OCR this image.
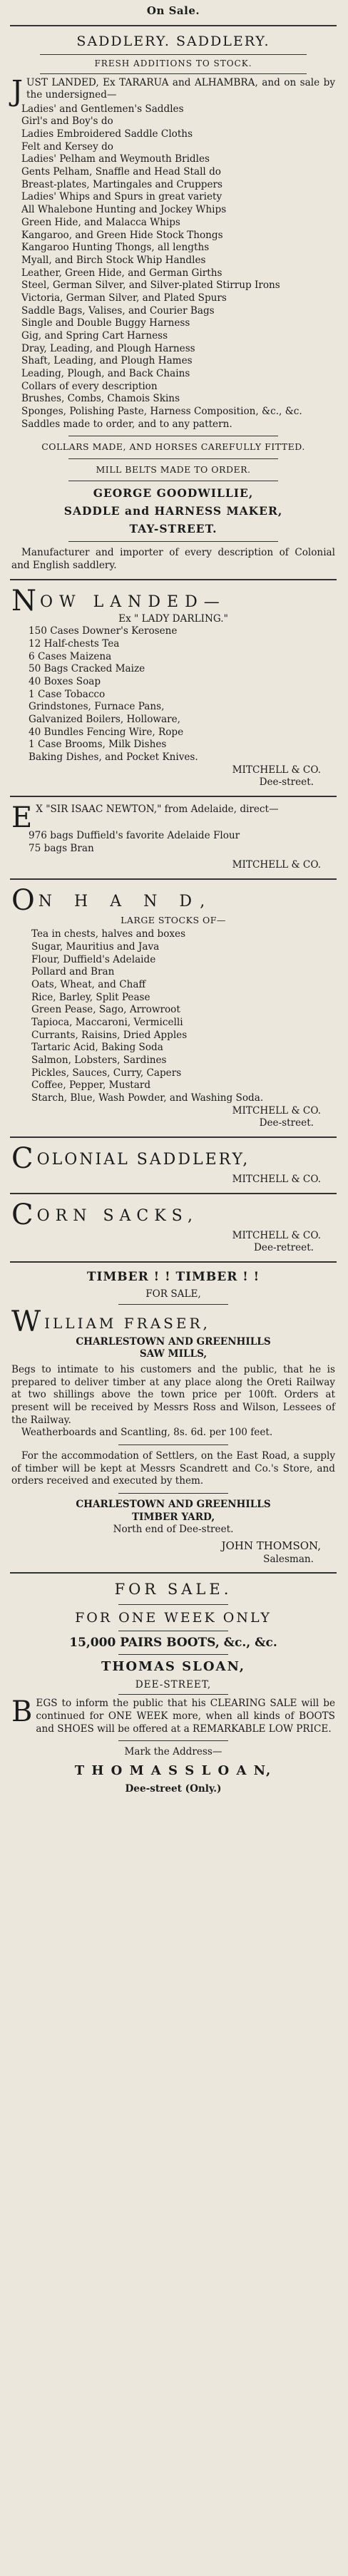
On Sale.
SADDLERY. SADDLERY.
FRESH ADDITIONS TO STOCK.
J UST LANDED, Ex TARARUA and ALHAMBRA, and on sale by the undersigned—

Ladies' and Gentlemen's Saddles
Girl's and Boy's do
Ladies Embroidered Saddle Cloths
Felt and Kersey do
Ladies' Pelham and Weymouth Bridles
Gents Pelham, Snaffle and Head Stall do
Breast-plates, Martingales and Cruppers
Ladies' Whips and Spurs in great variety
All Whalebone Hunting and Jockey Whips
Green Hide, and Malacca Whips
Kangaroo, and Green Hide Stock Thongs
Kangaroo Hunting Thongs, all lengths
Myall, and Birch Stock Whip Handles
Leather, Green Hide, and German Girths
Steel, German Silver, and Silver-plated Stirrup Irons
Victoria, German Silver, and Plated Spurs
Saddle Bags, Valises, and Courier Bags
Single and Double Buggy Harness
Gig, and Spring Cart Harness
Dray, Leading, and Plough Harness
Shaft, Leading, and Plough Hames
Leading, Plough, and Back Chains
Collars of every description
Brushes, Combs, Chamois Skins
Sponges, Polishing Paste, Harness Composition, &c., &c.

Saddles made to order, and to any pattern.

COLLARS MADE, AND HORSES CAREFULLY FITTED.
MILL BELTS MADE TO ORDER.
GEORGE GOODWILLIE,
SADDLE and HARNESS MAKER,
TAY-STREET.

Manufacturer and importer of every description of Colonial and English saddlery.

N OW LANDED—
Ex " LADY DARLING."
150 Cases Downer's Kerosene
12 Half-chests Tea
6 Cases Maizena
50 Bags Cracked Maize
40 Boxes Soap
1 Case Tobacco
Grindstones, Furnace Pans,
Galvanized Boilers, Holloware,
40 Bundles Fencing Wire, Rope
1 Case Brooms, Milk Dishes
Baking Dishes, and Pocket Knives.
MITCHELL & CO.
Dee-street.
E X "SIR ISAAC NEWTON," from Adelaide, direct—

976 bags Duffield's favorite Adelaide Flour
75 bags Bran
MITCHELL & CO.
O N H A N D,
LARGE STOCKS OF—
Tea in chests, halves and boxes
Sugar, Mauritius and Java
Flour, Duffield's Adelaide
Pollard and Bran
Oats, Wheat, and Chaff
Rice, Barley, Split Pease
Green Pease, Sago, Arrowroot
Tapioca, Maccaroni, Vermicelli
Currants, Raisins, Dried Apples
Tartaric Acid, Baking Soda
Salmon, Lobsters, Sardines
Pickles, Sauces, Curry, Capers
Coffee, Pepper, Mustard
Starch, Blue, Wash Powder, and Washing Soda.
MITCHELL & CO.
Dee-street.
C OLONIAL SADDLERY,
MITCHELL & CO.
C ORN SACKS,
MITCHELL & CO.
Dee-retreet.
TIMBER ! ! TIMBER ! !
FOR SALE,
W ILLIAM FRASER,
CHARLESTOWN AND GREENHILLS
SAW MILLS,

Begs to intimate to his customers and the public, that he is prepared to deliver timber at any place along the Oreti Railway at two shillings above the town price per 100ft. Orders at present will be received by Messrs Ross and Wilson, Lessees of the Railway.

Weatherboards and Scantling, 8s. 6d. per 100 feet.

For the accommodation of Settlers, on the East Road, a supply of timber will be kept at Messrs Scandrett and Co.'s Store, and orders received and executed by them.

CHARLESTOWN AND GREENHILLS
TIMBER YARD,
North end of Dee-street.
JOHN THOMSON,
Salesman.
FOR SALE.
FOR ONE WEEK ONLY
15,000 PAIRS BOOTS, &c., &c.
THOMAS SLOAN,
DEE-STREET,
B EGS to inform the public that his CLEARING SALE will be continued for ONE WEEK more, when all kinds of BOOTS and SHOES will be offered at a REMARKABLE LOW PRICE.

Mark the Address—
T H O M A S S L O A N,
Dee-street (Only.)
